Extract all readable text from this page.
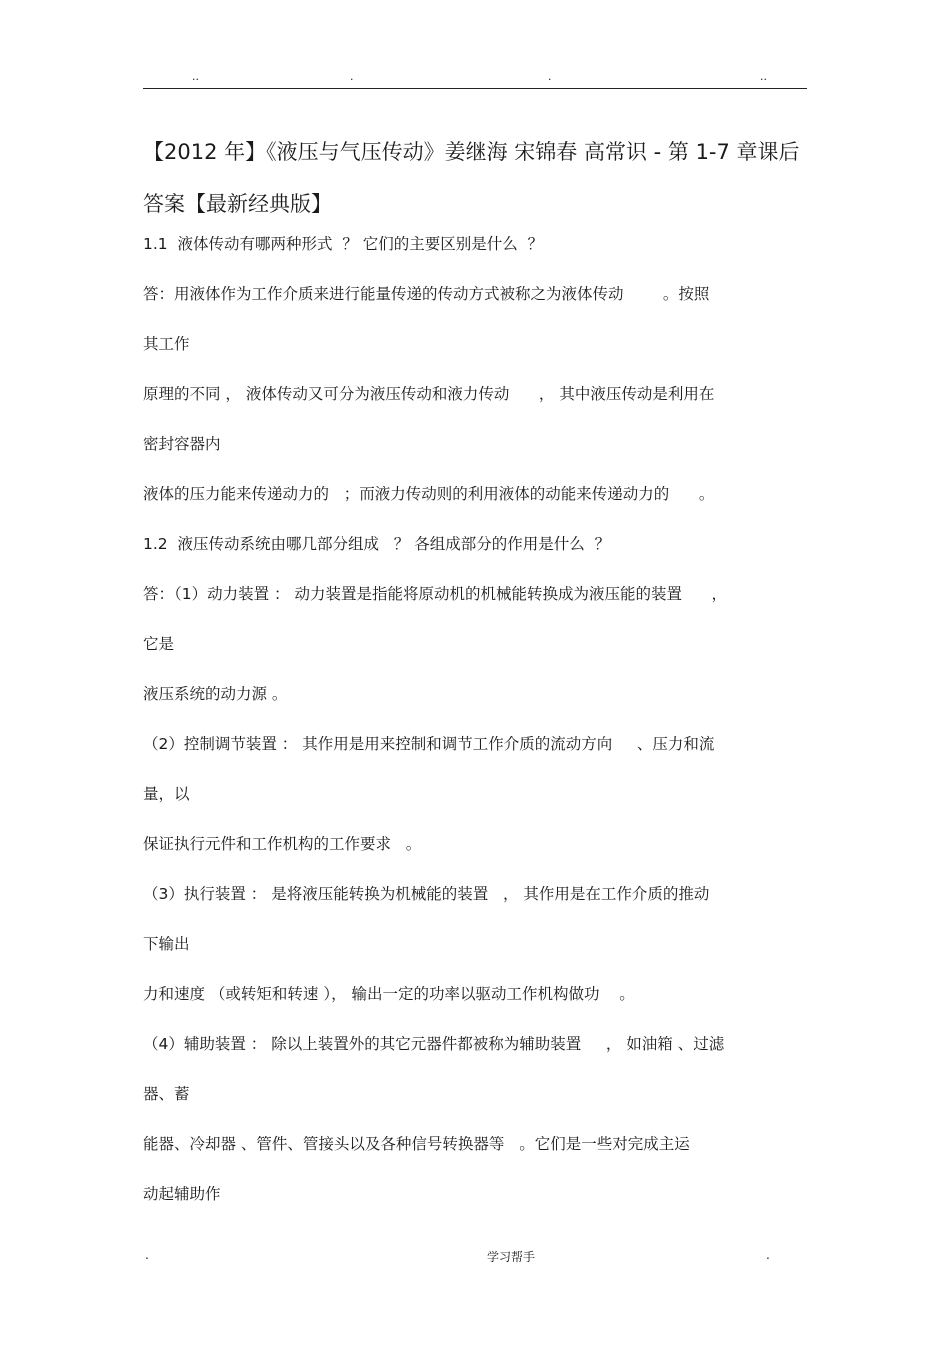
..	.	.	..
【2012 年】《液压与气压传动》姜继海 宋锦春 高常识 - 第 1-7 章课后答案【最新经典版】
1.1  液体传动有哪两种形式  ？ 它们的主要区别是什么  ？
答：用液体作为工作介质来进行能量传递的传动方式被称之为液体传动        。按照
其工作
原理的不同 ， 液体传动又可分为液压传动和液力传动      ， 其中液压传动是利用在
密封容器内
液体的压力能来传递动力的   ；而液力传动则的利用液体的动能来传递动力的      。
1.2  液压传动系统由哪几部分组成   ？ 各组成部分的作用是什么  ？
答：（1）动力装置 ： 动力装置是指能将原动机的机械能转换成为液压能的装置      ，
它是
液压系统的动力源 。
（2）控制调节装置 ： 其作用是用来控制和调节工作介质的流动方向     、压力和流
量，以
保证执行元件和工作机构的工作要求   。
（3）执行装置 ： 是将液压能转换为机械能的装置   ， 其作用是在工作介质的推动
下输出
力和速度 （或转矩和转速 ）， 输出一定的功率以驱动工作机构做功    。
（4）辅助装置 ： 除以上装置外的其它元器件都被称为辅助装置     ， 如油箱 、过滤
器、蓄
能器、冷却器 、管件、管接头以及各种信号转换器等   。它们是一些对完成主运
动起辅助作
.	学习帮手	.
